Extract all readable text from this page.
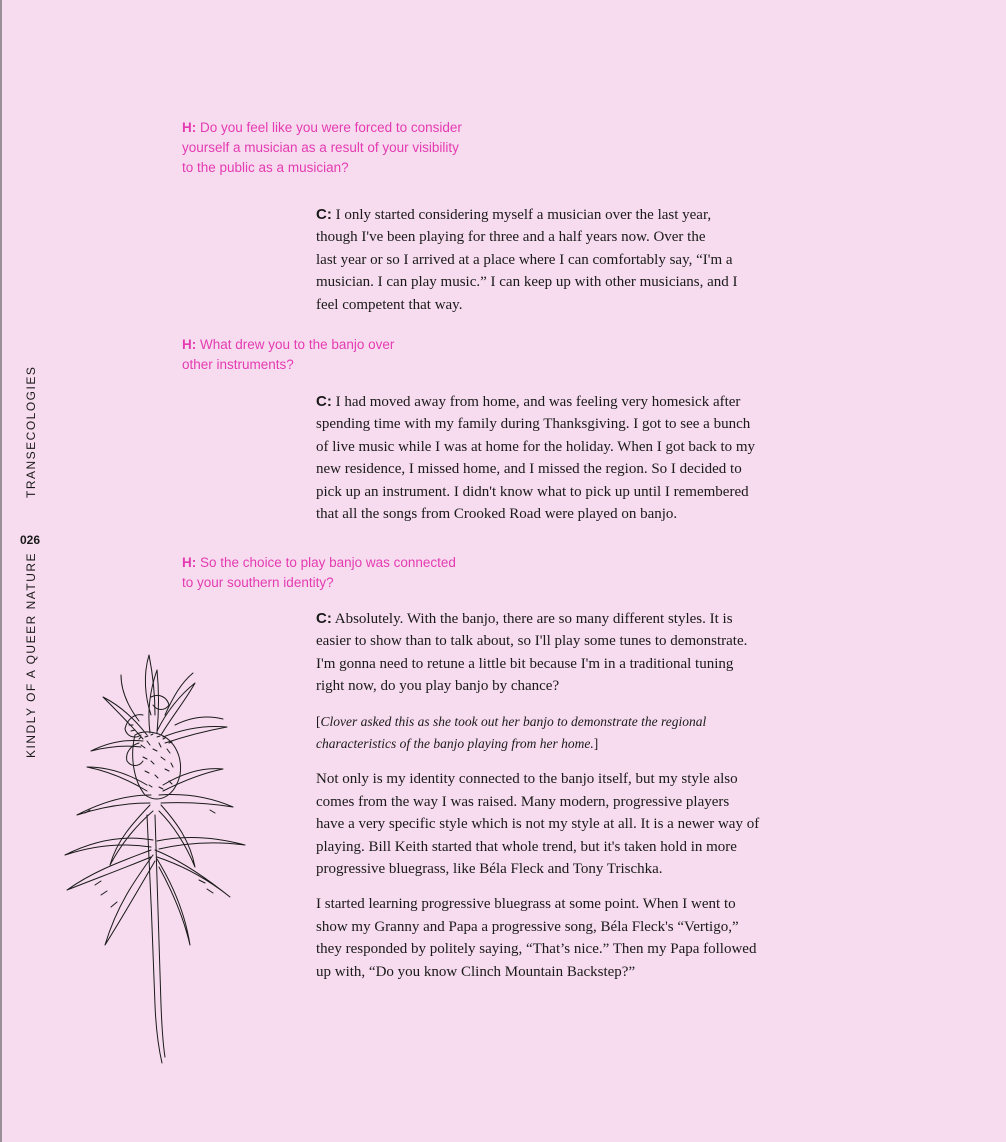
TRANSECOLOGIES
026
KINDLY OF A QUEER NATURE
H: Do you feel like you were forced to consider
yourself a musician as a result of your visibility
to the public as a musician?

C: I only started considering myself a musician over the last year,
though I've been playing for three and a half years now. Over the
last year or so I arrived at a place where I can comfortably say, “I'm a
musician. I can play music.” I can keep up with other musicians, and I
feel competent that way.

H: What drew you to the banjo over
other instruments?

C: I had moved away from home, and was feeling very homesick after
spending time with my family during Thanksgiving. I got to see a bunch
of live music while I was at home for the holiday. When I got back to my
new residence, I missed home, and I missed the region. So I decided to
pick up an instrument. I didn't know what to pick up until I remembered
that all the songs from Crooked Road were played on banjo.

H: So the choice to play banjo was connected
to your southern identity?

C: Absolutely. With the banjo, there are so many different styles. It is
easier to show than to talk about, so I'll play some tunes to demonstrate.
I'm gonna need to retune a little bit because I'm in a traditional tuning
right now, do you play banjo by chance?

[Clover asked this as she took out her banjo to demonstrate the regional
characteristics of the banjo playing from her home.]

Not only is my identity connected to the banjo itself, but my style also
comes from the way I was raised. Many modern, progressive players
have a very specific style which is not my style at all. It is a newer way of
playing. Bill Keith started that whole trend, but it's taken hold in more
progressive bluegrass, like Béla Fleck and Tony Trischka.

I started learning progressive bluegrass at some point. When I went to
show my Granny and Papa a progressive song, Béla Fleck's “Vertigo,”
they responded by politely saying, “That’s nice.” Then my Papa followed
up with, “Do you know Clinch Mountain Backstep?”
